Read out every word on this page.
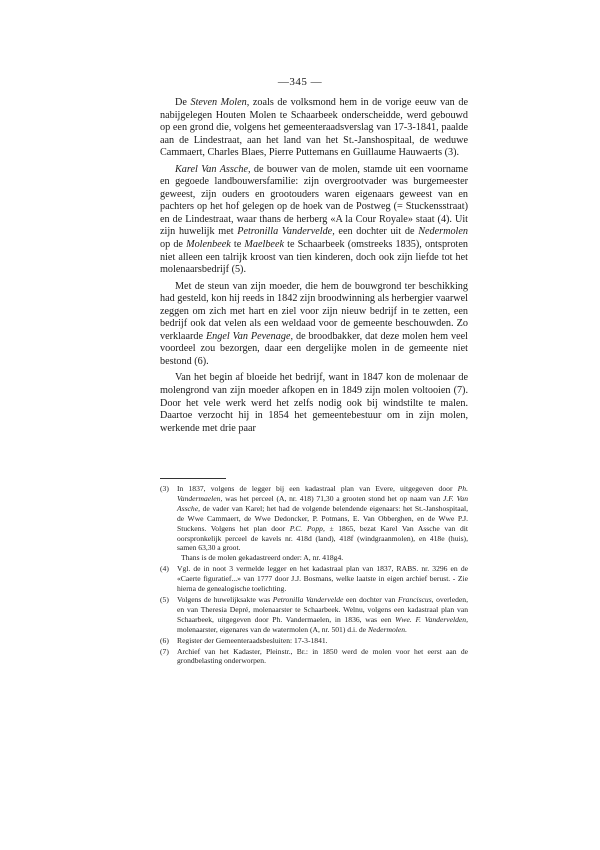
—345 —

De Steven Molen, zoals de volksmond hem in de vorige eeuw van de nabijgelegen Houten Molen te Schaarbeek onderscheidde, werd gebouwd op een grond die, volgens het gemeenteraadsverslag van 17-3-1841, paalde aan de Lindestraat, aan het land van het St.-Janshospitaal, de weduwe Cammaert, Charles Blaes, Pierre Puttemans en Guillaume Hauwaerts (3).

Karel Van Assche, de bouwer van de molen, stamde uit een voorname en gegoede landbouwersfamilie: zijn overgrootvader was burgemeester geweest, zijn ouders en grootouders waren eigenaars geweest van en pachters op het hof gelegen op de hoek van de Postweg (= Stuckensstraat) en de Lindestraat, waar thans de herberg «A la Cour Royale» staat (4). Uit zijn huwelijk met Petronilla Vandervelde, een dochter uit de Nedermolen op de Molenbeek te Maelbeek te Schaarbeek (omstreeks 1835), ontsproten niet alleen een talrijk kroost van tien kinderen, doch ook zijn liefde tot het molenaarsbedrijf (5).

Met de steun van zijn moeder, die hem de bouwgrond ter beschikking had gesteld, kon hij reeds in 1842 zijn broodwinning als herbergier vaarwel zeggen om zich met hart en ziel voor zijn nieuw bedrijf in te zetten, een bedrijf ook dat velen als een weldaad voor de gemeente beschouwden. Zo verklaarde Engel Van Pevenage, de broodbakker, dat deze molen hem veel voordeel zou bezorgen, daar een dergelijke molen in de gemeente niet bestond (6).

Van het begin af bloeide het bedrijf, want in 1847 kon de molenaar de molengrond van zijn moeder afkopen en in 1849 zijn molen voltooien (7). Door het vele werk werd het zelfs nodig ook bij windstilte te malen. Daartoe verzocht hij in 1854 het gemeentebestuur om in zijn molen, werkende met drie paar

(3)	In 1837, volgens de legger bij een kadastraal plan van Evere, uitgegeven door Ph. Vandermaelen, was het perceel (A, nr. 418) 71,30 a grooten stond het op naam van J.F. Van Assche, de vader van Karel; het had de volgende belendende eigenaars: het St.-Janshospitaal, de Wwe Cammaert, de Wwe Dedoncker, P. Potmans, E. Van Obberghen, en de Wwe P.J. Stuckens. Volgens het plan door P.C. Popp, ± 1865, bezat Karel Van Assche van dit oorspronkelijk perceel de kavels nr. 418d (land), 418f (windgraanmolen), en 418e (huis), samen 63,30 a groot.
Thans is de molen gekadastreerd onder: A, nr. 418g4.
(4)	Vgl. de in noot 3 vermelde legger en het kadastraal plan van 1837, RABS. nr. 3296 en de «Caerte figuratief...» van 1777 door J.J. Bosmans, welke laatste in eigen archief berust. - Zie hierna de genealogische toelichting.
(5)	Volgens de huwelijksakte was Petronilla Vandervelde een dochter van Franciscus, overleden, en van Theresia Depré, molenaarster te Schaarbeek. Welnu, volgens een kadastraal plan van Schaarbeek, uitgegeven door Ph. Vandermaelen, in 1836, was een Wwe. F. Vandervelden, molenaarster, eigenares van de watermolen (A, nr. 501) d.i. de Nedermolen.
(6)	Register der Gemeenteraadsbesluiten: 17-3-1841.
(7)	Archief van het Kadaster, Pleinstr., Br.: in 1850 werd de molen voor het eerst aan de grondbelasting onderworpen.
